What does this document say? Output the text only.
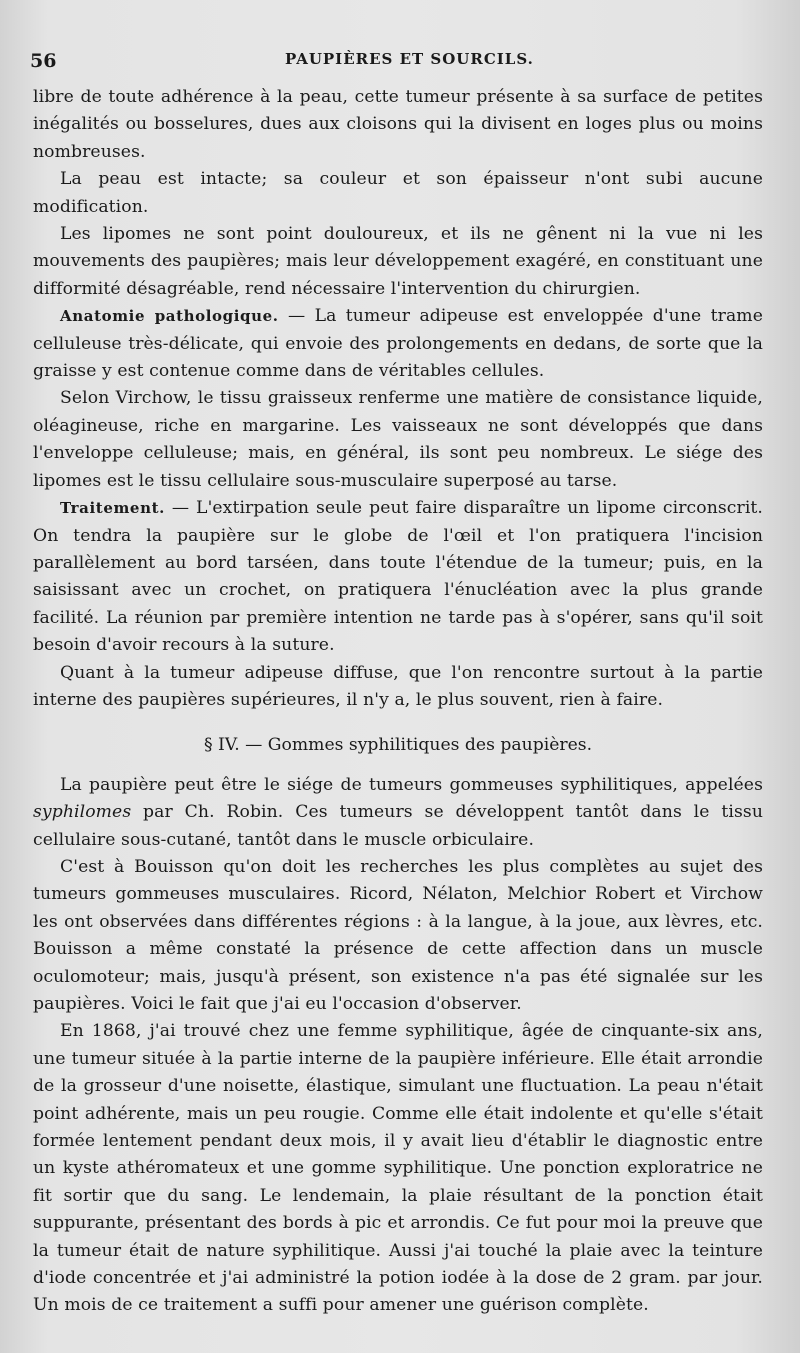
56	PAUPIÈRES ET SOURCILS.

libre de toute adhérence à la peau, cette tumeur présente à sa surface de petites inégalités ou bosselures, dues aux cloisons qui la divisent en loges plus ou moins nombreuses.

La peau est intacte; sa couleur et son épaisseur n'ont subi aucune modification.

Les lipomes ne sont point douloureux, et ils ne gênent ni la vue ni les mouvements des paupières; mais leur développement exagéré, en constituant une difformité désagréable, rend nécessaire l'intervention du chirurgien.

Anatomie pathologique. — La tumeur adipeuse est enveloppée d'une trame celluleuse très-délicate, qui envoie des prolongements en dedans, de sorte que la graisse y est contenue comme dans de véritables cellules.

Selon Virchow, le tissu graisseux renferme une matière de consistance liquide, oléagineuse, riche en margarine. Les vaisseaux ne sont développés que dans l'enveloppe celluleuse; mais, en général, ils sont peu nombreux. Le siége des lipomes est le tissu cellulaire sous-musculaire superposé au tarse.

Traitement. — L'extirpation seule peut faire disparaître un lipome circonscrit. On tendra la paupière sur le globe de l'œil et l'on pratiquera l'incision parallèlement au bord tarséen, dans toute l'étendue de la tumeur; puis, en la saisissant avec un crochet, on pratiquera l'énucléation avec la plus grande facilité. La réunion par première intention ne tarde pas à s'opérer, sans qu'il soit besoin d'avoir recours à la suture.

Quant à la tumeur adipeuse diffuse, que l'on rencontre surtout à la partie interne des paupières supérieures, il n'y a, le plus souvent, rien à faire.

§ IV. — Gommes syphilitiques des paupières.

La paupière peut être le siége de tumeurs gommeuses syphilitiques, appelées syphilomes par Ch. Robin. Ces tumeurs se développent tantôt dans le tissu cellulaire sous-cutané, tantôt dans le muscle orbiculaire.

C'est à Bouisson qu'on doit les recherches les plus complètes au sujet des tumeurs gommeuses musculaires. Ricord, Nélaton, Melchior Robert et Virchow les ont observées dans différentes régions : à la langue, à la joue, aux lèvres, etc. Bouisson a même constaté la présence de cette affection dans un muscle oculomoteur; mais, jusqu'à présent, son existence n'a pas été signalée sur les paupières. Voici le fait que j'ai eu l'occasion d'observer.

En 1868, j'ai trouvé chez une femme syphilitique, âgée de cinquante-six ans, une tumeur située à la partie interne de la paupière inférieure. Elle était arrondie de la grosseur d'une noisette, élastique, simulant une fluctuation. La peau n'était point adhérente, mais un peu rougie. Comme elle était indolente et qu'elle s'était formée lentement pendant deux mois, il y avait lieu d'établir le diagnostic entre un kyste athéromateux et une gomme syphilitique. Une ponction exploratrice ne fit sortir que du sang. Le lendemain, la plaie résultant de la ponction était suppurante, présentant des bords à pic et arrondis. Ce fut pour moi la preuve que la tumeur était de nature syphilitique. Aussi j'ai touché la plaie avec la teinture d'iode concentrée et j'ai administré la potion iodée à la dose de 2 gram. par jour. Un mois de ce traitement a suffi pour amener une guérison complète.
